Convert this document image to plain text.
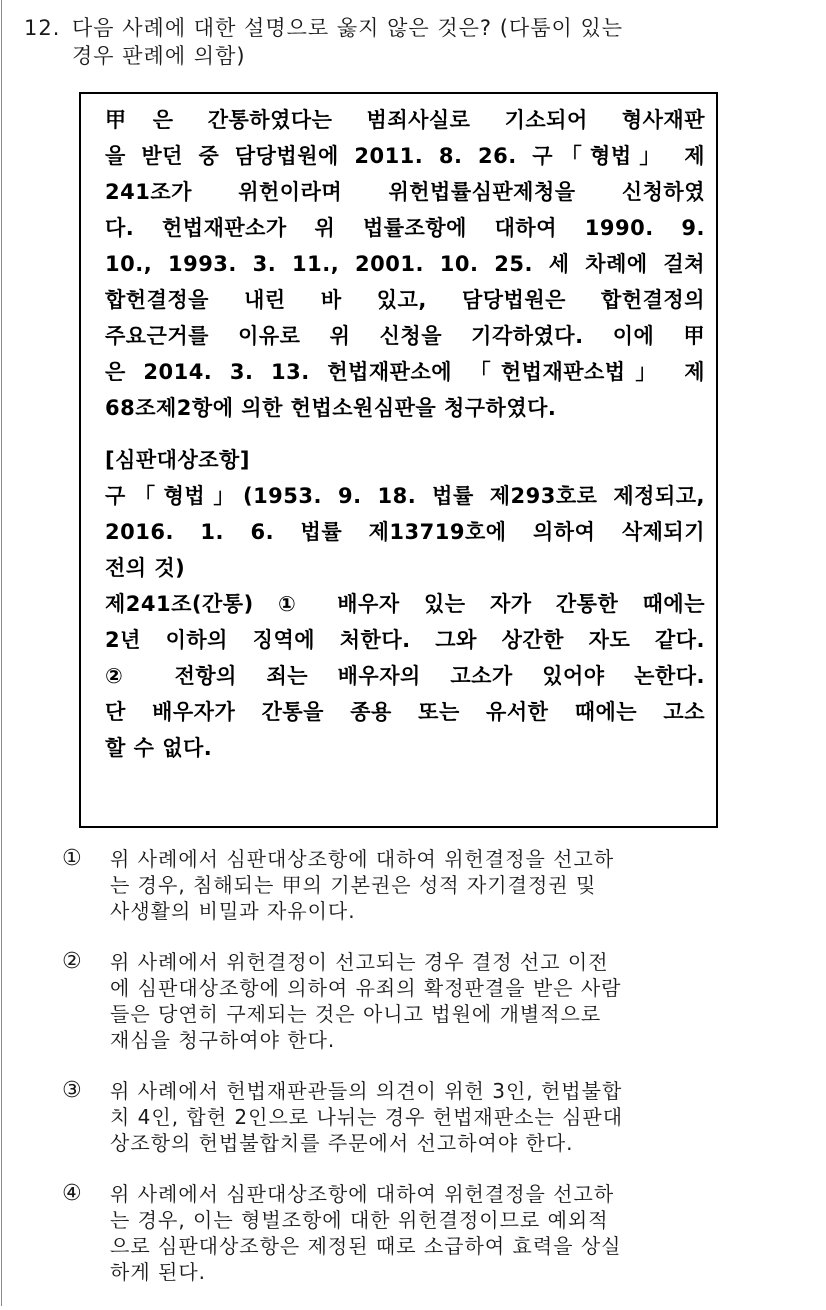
12. 다음 사례에 대한 설명으로 옳지 않은 것은? (다툼이 있는
경우 판례에 의함)
甲은 간통하였다는 범죄사실로 기소되어 형사재판
을 받던 중 담당법원에 2011. 8. 26. 구「형법」 제
241조가 위헌이라며 위헌법률심판제청을 신청하였
다. 헌법재판소가 위 법률조항에 대하여 1990. 9.
10., 1993. 3. 11., 2001. 10. 25. 세 차례에 걸쳐
합헌결정을 내린 바 있고, 담당법원은 합헌결정의
주요근거를 이유로 위 신청을 기각하였다. 이에 甲
은 2014. 3. 13. 헌법재판소에 「헌법재판소법」 제
68조제2항에 의한 헌법소원심판을 청구하였다.
[심판대상조항]
구「형법」(1953. 9. 18. 법률 제293호로 제정되고,
2016. 1. 6. 법률 제13719호에 의하여 삭제되기
전의 것)
제241조(간통) ① 배우자 있는 자가 간통한 때에는
2년 이하의 징역에 처한다. 그와 상간한 자도 같다.
② 전항의 죄는 배우자의 고소가 있어야 논한다.
단 배우자가 간통을 종용 또는 유서한 때에는 고소
할 수 없다.
① 위 사례에서 심판대상조항에 대하여 위헌결정을 선고하
는 경우, 침해되는 甲의 기본권은 성적 자기결정권 및
사생활의 비밀과 자유이다.
② 위 사례에서 위헌결정이 선고되는 경우 결정 선고 이전
에 심판대상조항에 의하여 유죄의 확정판결을 받은 사람
들은 당연히 구제되는 것은 아니고 법원에 개별적으로
재심을 청구하여야 한다.
③ 위 사례에서 헌법재판관들의 의견이 위헌 3인, 헌법불합
치 4인, 합헌 2인으로 나뉘는 경우 헌법재판소는 심판대
상조항의 헌법불합치를 주문에서 선고하여야 한다.
④ 위 사례에서 심판대상조항에 대하여 위헌결정을 선고하
는 경우, 이는 형벌조항에 대한 위헌결정이므로 예외적
으로 심판대상조항은 제정된 때로 소급하여 효력을 상실
하게 된다.
